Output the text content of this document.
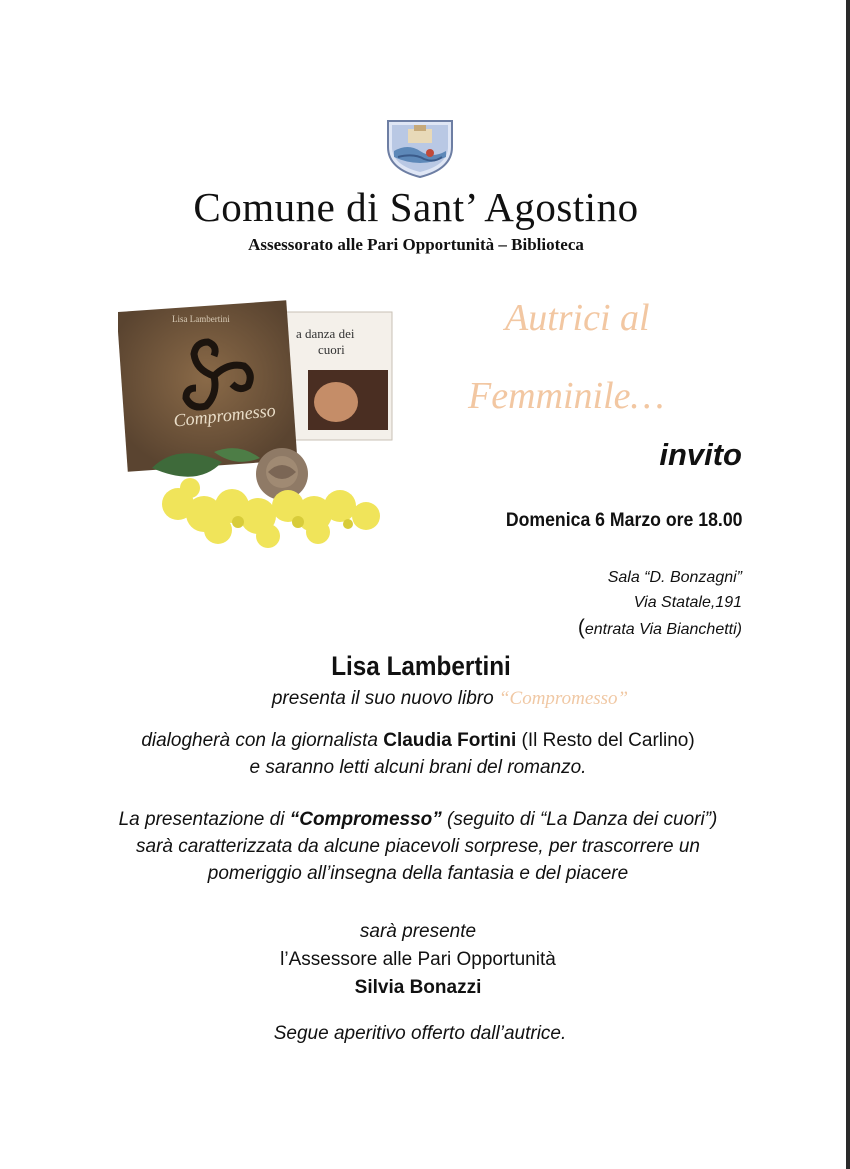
Comune di Sant’ Agostino
Assessorato alle Pari Opportunità – Biblioteca
a danza dei
cuori
Lisa Lambertini
Compromesso
Autrici al
Femminile…
invito
Domenica 6 Marzo ore 18.00
Sala “D. Bonzagni”
Via Statale,191
(entrata Via Bianchetti)
Lisa Lambertini
presenta il suo nuovo libro “Compromesso”
dialogherà con la giornalista Claudia Fortini (Il Resto del Carlino)
e saranno letti alcuni brani del romanzo.
La presentazione di “Compromesso” (seguito di “La Danza dei cuori”)
sarà caratterizzata da alcune piacevoli sorprese, per trascorrere un
pomeriggio all’insegna della fantasia e del piacere
sarà presente
l’Assessore alle Pari Opportunità
Silvia Bonazzi
Segue aperitivo offerto dall’autrice.
